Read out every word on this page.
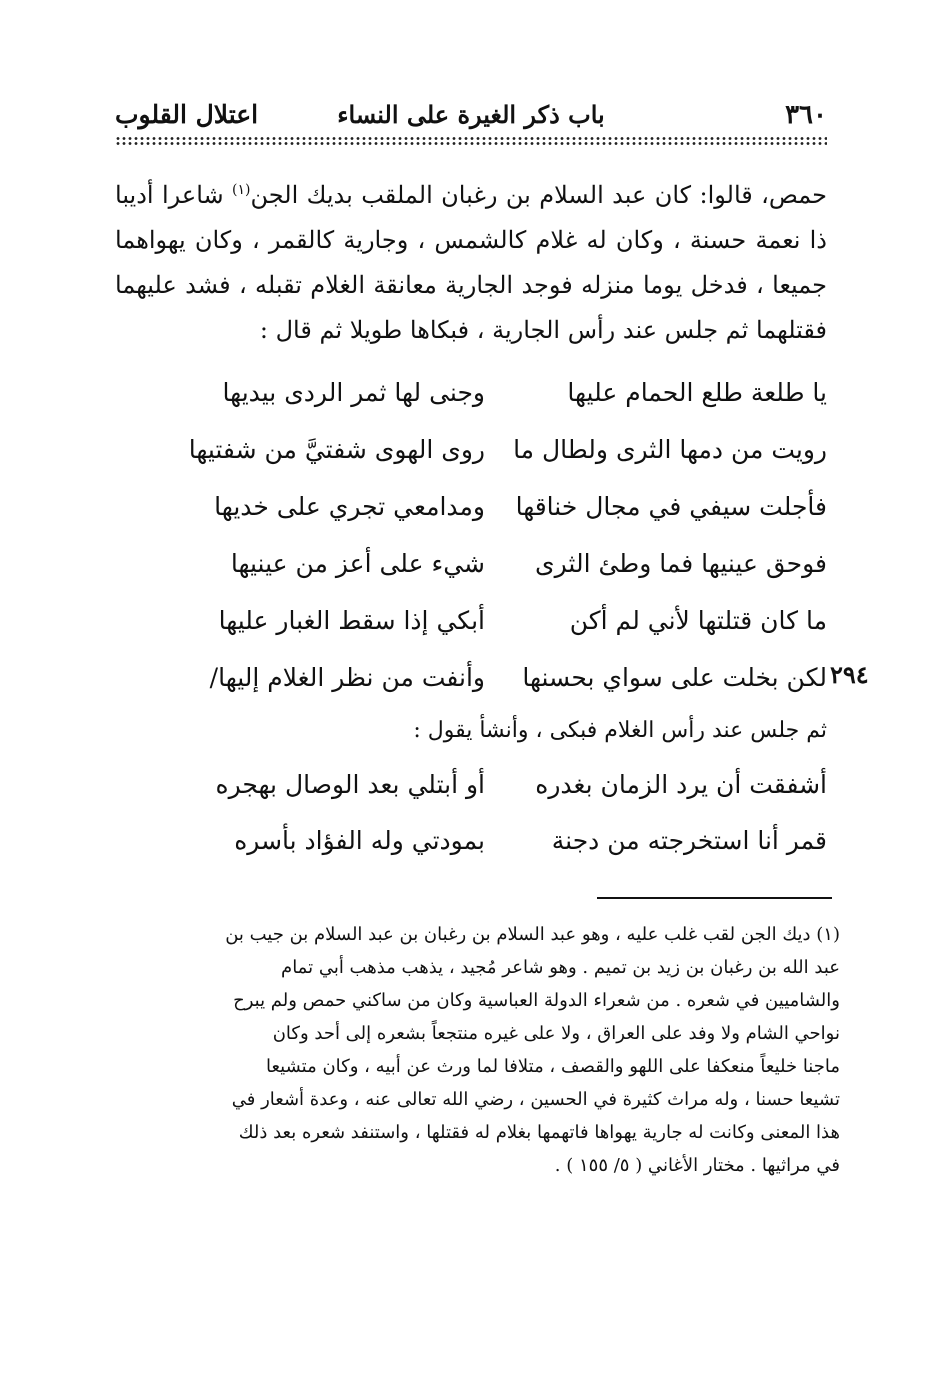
٣٦٠
باب ذكر الغيرة على النساء
اعتلال القلوب

حمص، قالوا: كان عبد السلام بن رغبان الملقب بديك الجن$^{(١)}$ شاعرا أديبا ذا نعمة حسنة ، وكان له غلام كالشمس ، وجارية كالقمر ، وكان يهواهما جميعا ، فدخل يوما منزله فوجد الجارية معانقة الغلام تقبله ، فشد عليهما فقتلهما ثم جلس عند رأس الجارية ، فبكاها طويلا ثم قال :

يا طلعة طلع الحمام عليها
وجنى لها ثمر الردى بيديها
رويت من دمها الثرى ولطال ما
روى الهوى شفتيَّ من شفتيها
فأجلت سيفي في مجال خناقها
ومدامعي تجري على خديها
فوحق عينيها فما وطئ الثرى
شيء على أعز من عينيها
ما كان قتلتها لأني لم أكن
أبكي إذا سقط الغبار عليها
لكن بخلت على سواي بحسنها
وأنفت من نظر الغلام إليها/	٢٩٤
ثم جلس عند رأس الغلام فبكى ، وأنشأ يقول :
أشفقت أن يرد الزمان بغدره
أو أبتلي بعد الوصال بهجره
قمر أنا استخرجته من دجنة
بمودتي وله الفؤاد بأسره

(١) ديك الجن لقب غلب عليه ، وهو عبد السلام بن رغبان بن عبد السلام بن جيب بن

عبد الله بن رغبان بن زيد بن تميم . وهو شاعر مُجيد ، يذهب مذهب أبي تمام

والشاميين في شعره . من شعراء الدولة العباسية وكان من ساكني حمص ولم يبرح

نواحي الشام ولا وفد على العراق ، ولا على غيره منتجعاً بشعره إلى أحد وكان

ماجنا خليعاً منعكفا على اللهو والقصف ، متلافا لما ورث عن أبيه ، وكان متشيعا

تشيعا حسنا ، وله مراث كثيرة في الحسين ، رضي الله تعالى عنه ، وعدة أشعار في

هذا المعنى وكانت له جارية يهواها فاتهمها بغلام له فقتلها ، واستنفد شعره بعد ذلك

في مراثيها . مختار الأغاني ( ٥/ ١٥٥ ) .
